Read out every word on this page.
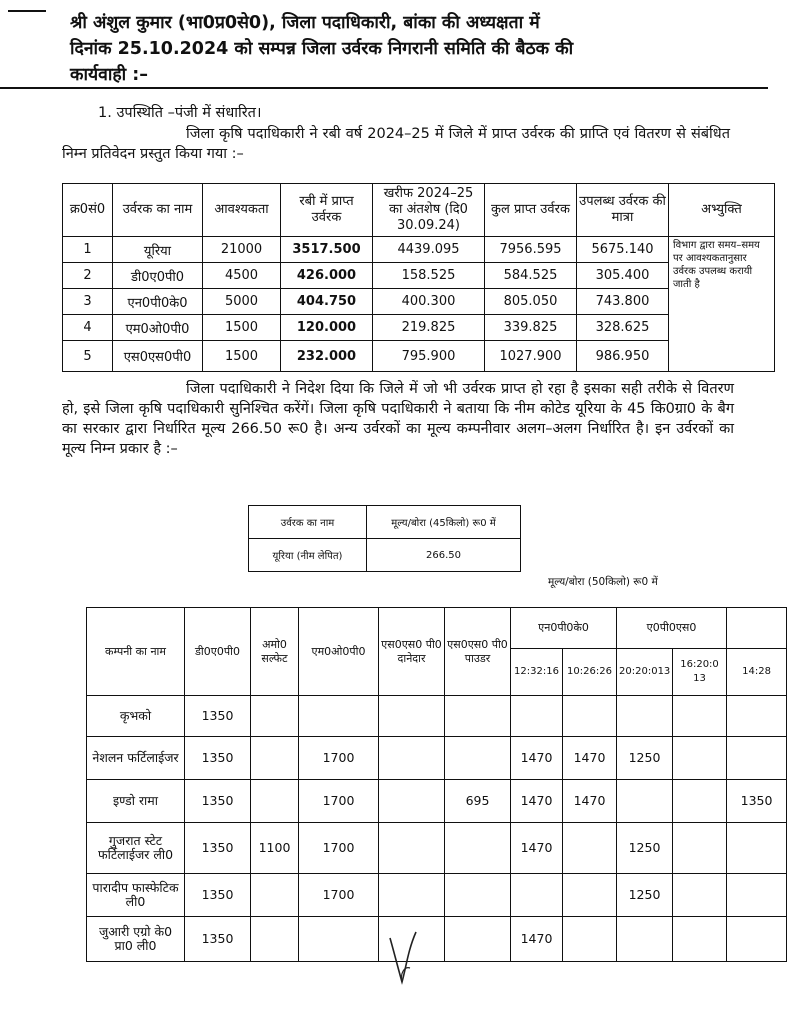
श्री अंशुल कुमार (भा0प्र0से0), जिला पदाधिकारी, बांका की अध्यक्षता में
दिनांक 25.10.2024 को सम्पन्न जिला उर्वरक निगरानी समिति की बैठक की
कार्यवाही :–
1. उपस्थिति –पंजी में संधारित।
जिला कृषि पदाधिकारी ने रबी वर्ष 2024–25 में जिले में प्राप्त उर्वरक की प्राप्ति एवं वितरण से संबंधित निम्न प्रतिवेदन प्रस्तुत किया गया :–
क्र0सं0	उर्वरक का नाम	आवश्यकता	रबी में प्राप्त उर्वरक	खरीफ 2024–25 का अंतशेष (दि0 30.09.24)	कुल प्राप्त उर्वरक	उपलब्ध उर्वरक की मात्रा	अभ्युक्ति
1	यूरिया	21000	3517.500	4439.095	7956.595	5675.140	विभाग द्वारा समय–समय पर आवश्यकतानुसार उर्वरक उपलब्ध करायी जाती है
2	डी0ए0पी0	4500	426.000	158.525	584.525	305.400	
3	एन0पी0के0	5000	404.750	400.300	805.050	743.800	
4	एम0ओ0पी0	1500	120.000	219.825	339.825	328.625	
5	एस0एस0पी0	1500	232.000	795.900	1027.900	986.950	
जिला पदाधिकारी ने निदेश दिया कि जिले में जो भी उर्वरक प्राप्त हो रहा है इसका सही तरीके से वितरण हो, इसे जिला कृषि पदाधिकारी सुनिश्चित करेंगें। जिला कृषि पदाधिकारी ने बताया कि नीम कोटेड यूरिया के 45 कि0ग्रा0 के बैग का सरकार द्वारा निर्धारित मूल्य 266.50 रू0 है। अन्य उर्वरकों का मूल्य कम्पनीवार अलग–अलग निर्धारित है। इन उर्वरकों का मूल्य निम्न प्रकार है :–
उर्वरक का नाम	मूल्य/बोरा (45किलो) रू0 में
यूरिया (नीम लेपित)	266.50
मूल्य/बोरा (50किलो) रू0 में
कम्पनी का नाम	डी0ए0पी0	अमो0 सल्फेट	एम0ओ0पी0	एस0एस0 पी0 दानेदार	एस0एस0 पी0 पाउडर	एन0पी0के0		ए0पी0एस0		
						12:32:16	10:26:26	20:20:013	16:20:0 13	14:28
कृभको	1350									
नेशलन फर्टिलाईजर	1350		1700			1470	1470	1250		
इण्डो रामा	1350		1700		695	1470	1470			1350
गुजरात स्टेट फर्टिलाईजर ली0	1350	1100	1700			1470		1250		
पारादीप फास्फेटिक ली0	1350		1700					1250		
जुआरी एग्रो के0 प्रा0 ली0	1350					1470				
